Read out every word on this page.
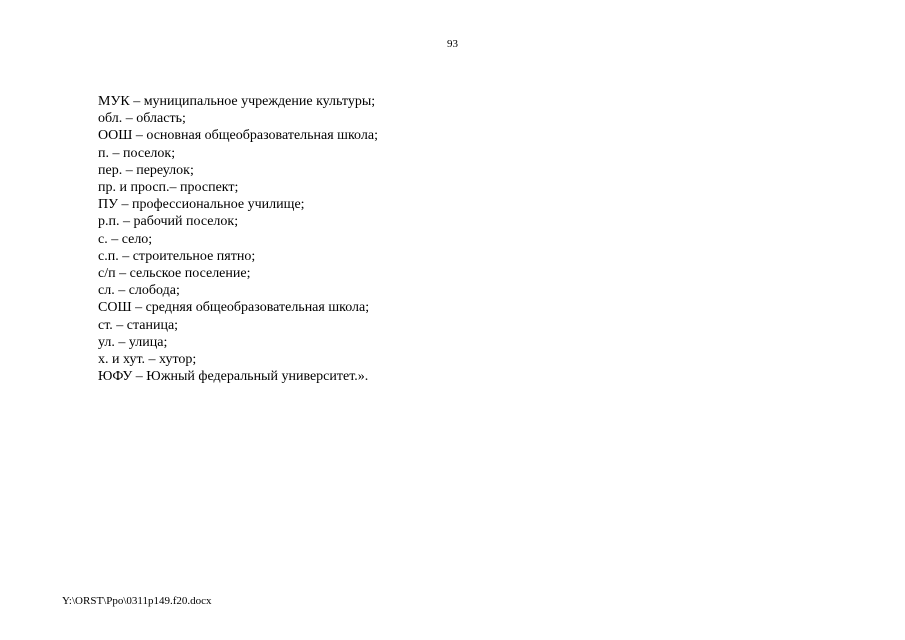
93
МУК – муниципальное учреждение культуры;
обл. – область;
ООШ – основная общеобразовательная школа;
п. – поселок;
пер. – переулок;
пр. и просп.– проспект;
ПУ – профессиональное училище;
р.п. – рабочий поселок;
с. – село;
с.п. – строительное пятно;
с/п – сельское поселение;
сл. – слобода;
СОШ – средняя общеобразовательная школа;
ст. – станица;
ул. – улица;
х. и хут. – хутор;
ЮФУ – Южный федеральный университет.».
Y:\ORST\Ppo\0311p149.f20.docx
